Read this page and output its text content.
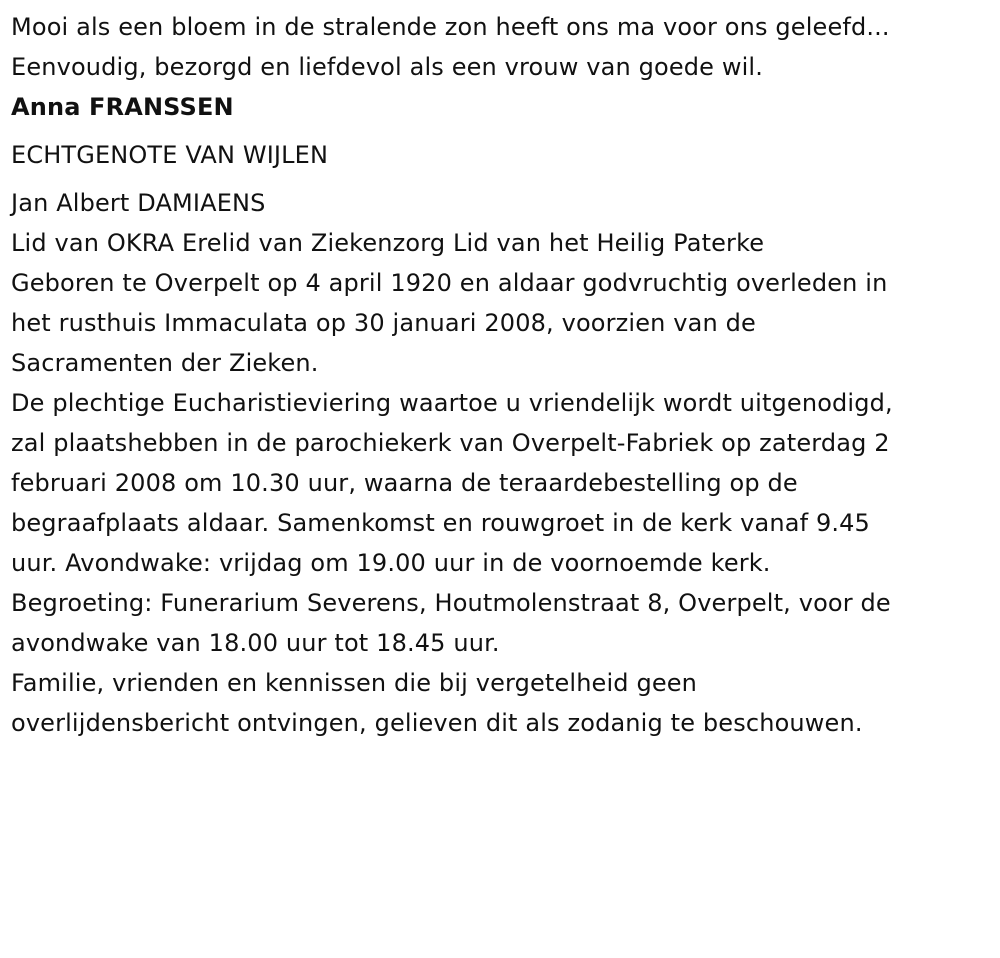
Mooi als een bloem in de stralende zon heeft ons ma voor ons geleefd...

Eenvoudig, bezorgd en liefdevol als een vrouw van goede wil.

Anna FRANSSEN

ECHTGENOTE VAN WIJLEN

Jan Albert DAMIAENS

Lid van OKRA Erelid van Ziekenzorg Lid van het Heilig Paterke

Geboren te Overpelt op 4 april 1920 en aldaar godvruchtig overleden in

het rusthuis Immaculata op 30 januari 2008, voorzien van de

Sacramenten der Zieken.

De plechtige Eucharistieviering waartoe u vriendelijk wordt uitgenodigd,

zal plaatshebben in de parochiekerk van Overpelt-Fabriek op zaterdag 2

februari 2008 om 10.30 uur, waarna de teraardebestelling op de

begraafplaats aldaar. Samenkomst en rouwgroet in de kerk vanaf 9.45

uur. Avondwake: vrijdag om 19.00 uur in de voornoemde kerk.

Begroeting: Funerarium Severens, Houtmolenstraat 8, Overpelt, voor de

avondwake van 18.00 uur tot 18.45 uur.

Familie, vrienden en kennissen die bij vergetelheid geen

overlijdensbericht ontvingen, gelieven dit als zodanig te beschouwen.
